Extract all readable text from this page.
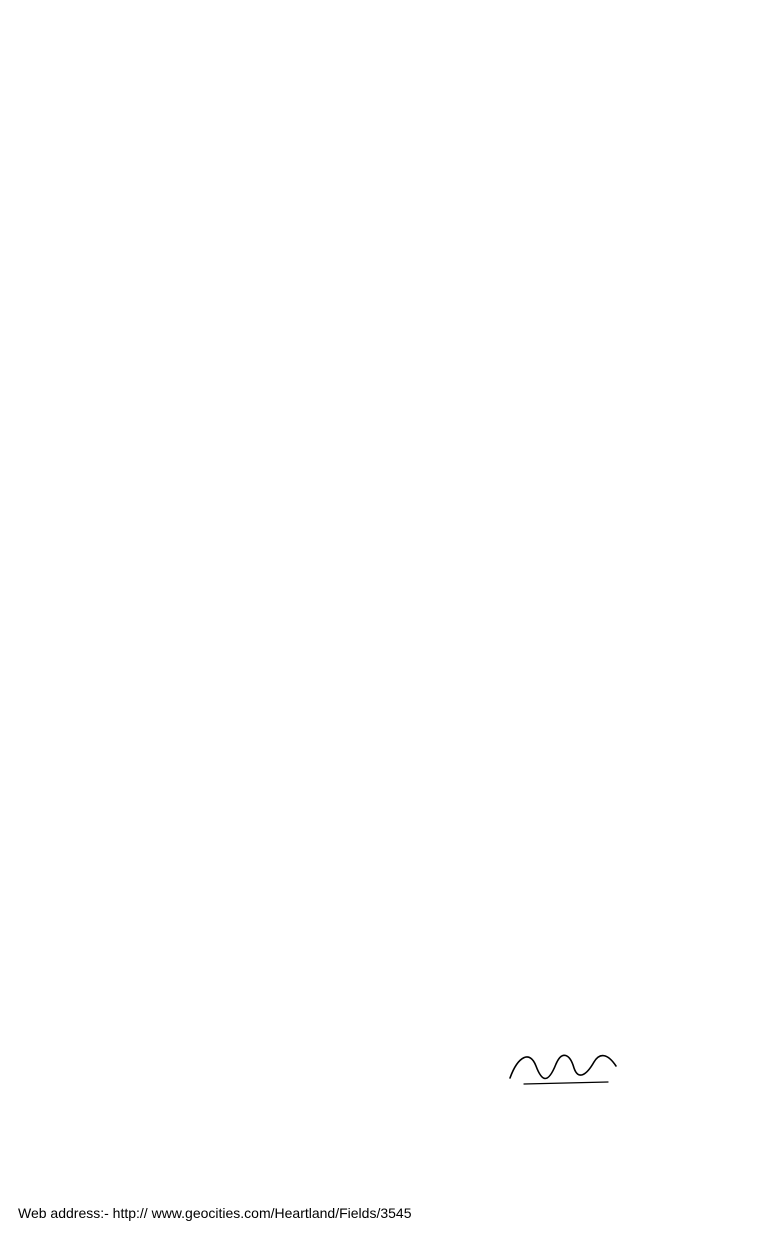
Web address:- http:// www.geocities.com/Heartland/Fields/3545
